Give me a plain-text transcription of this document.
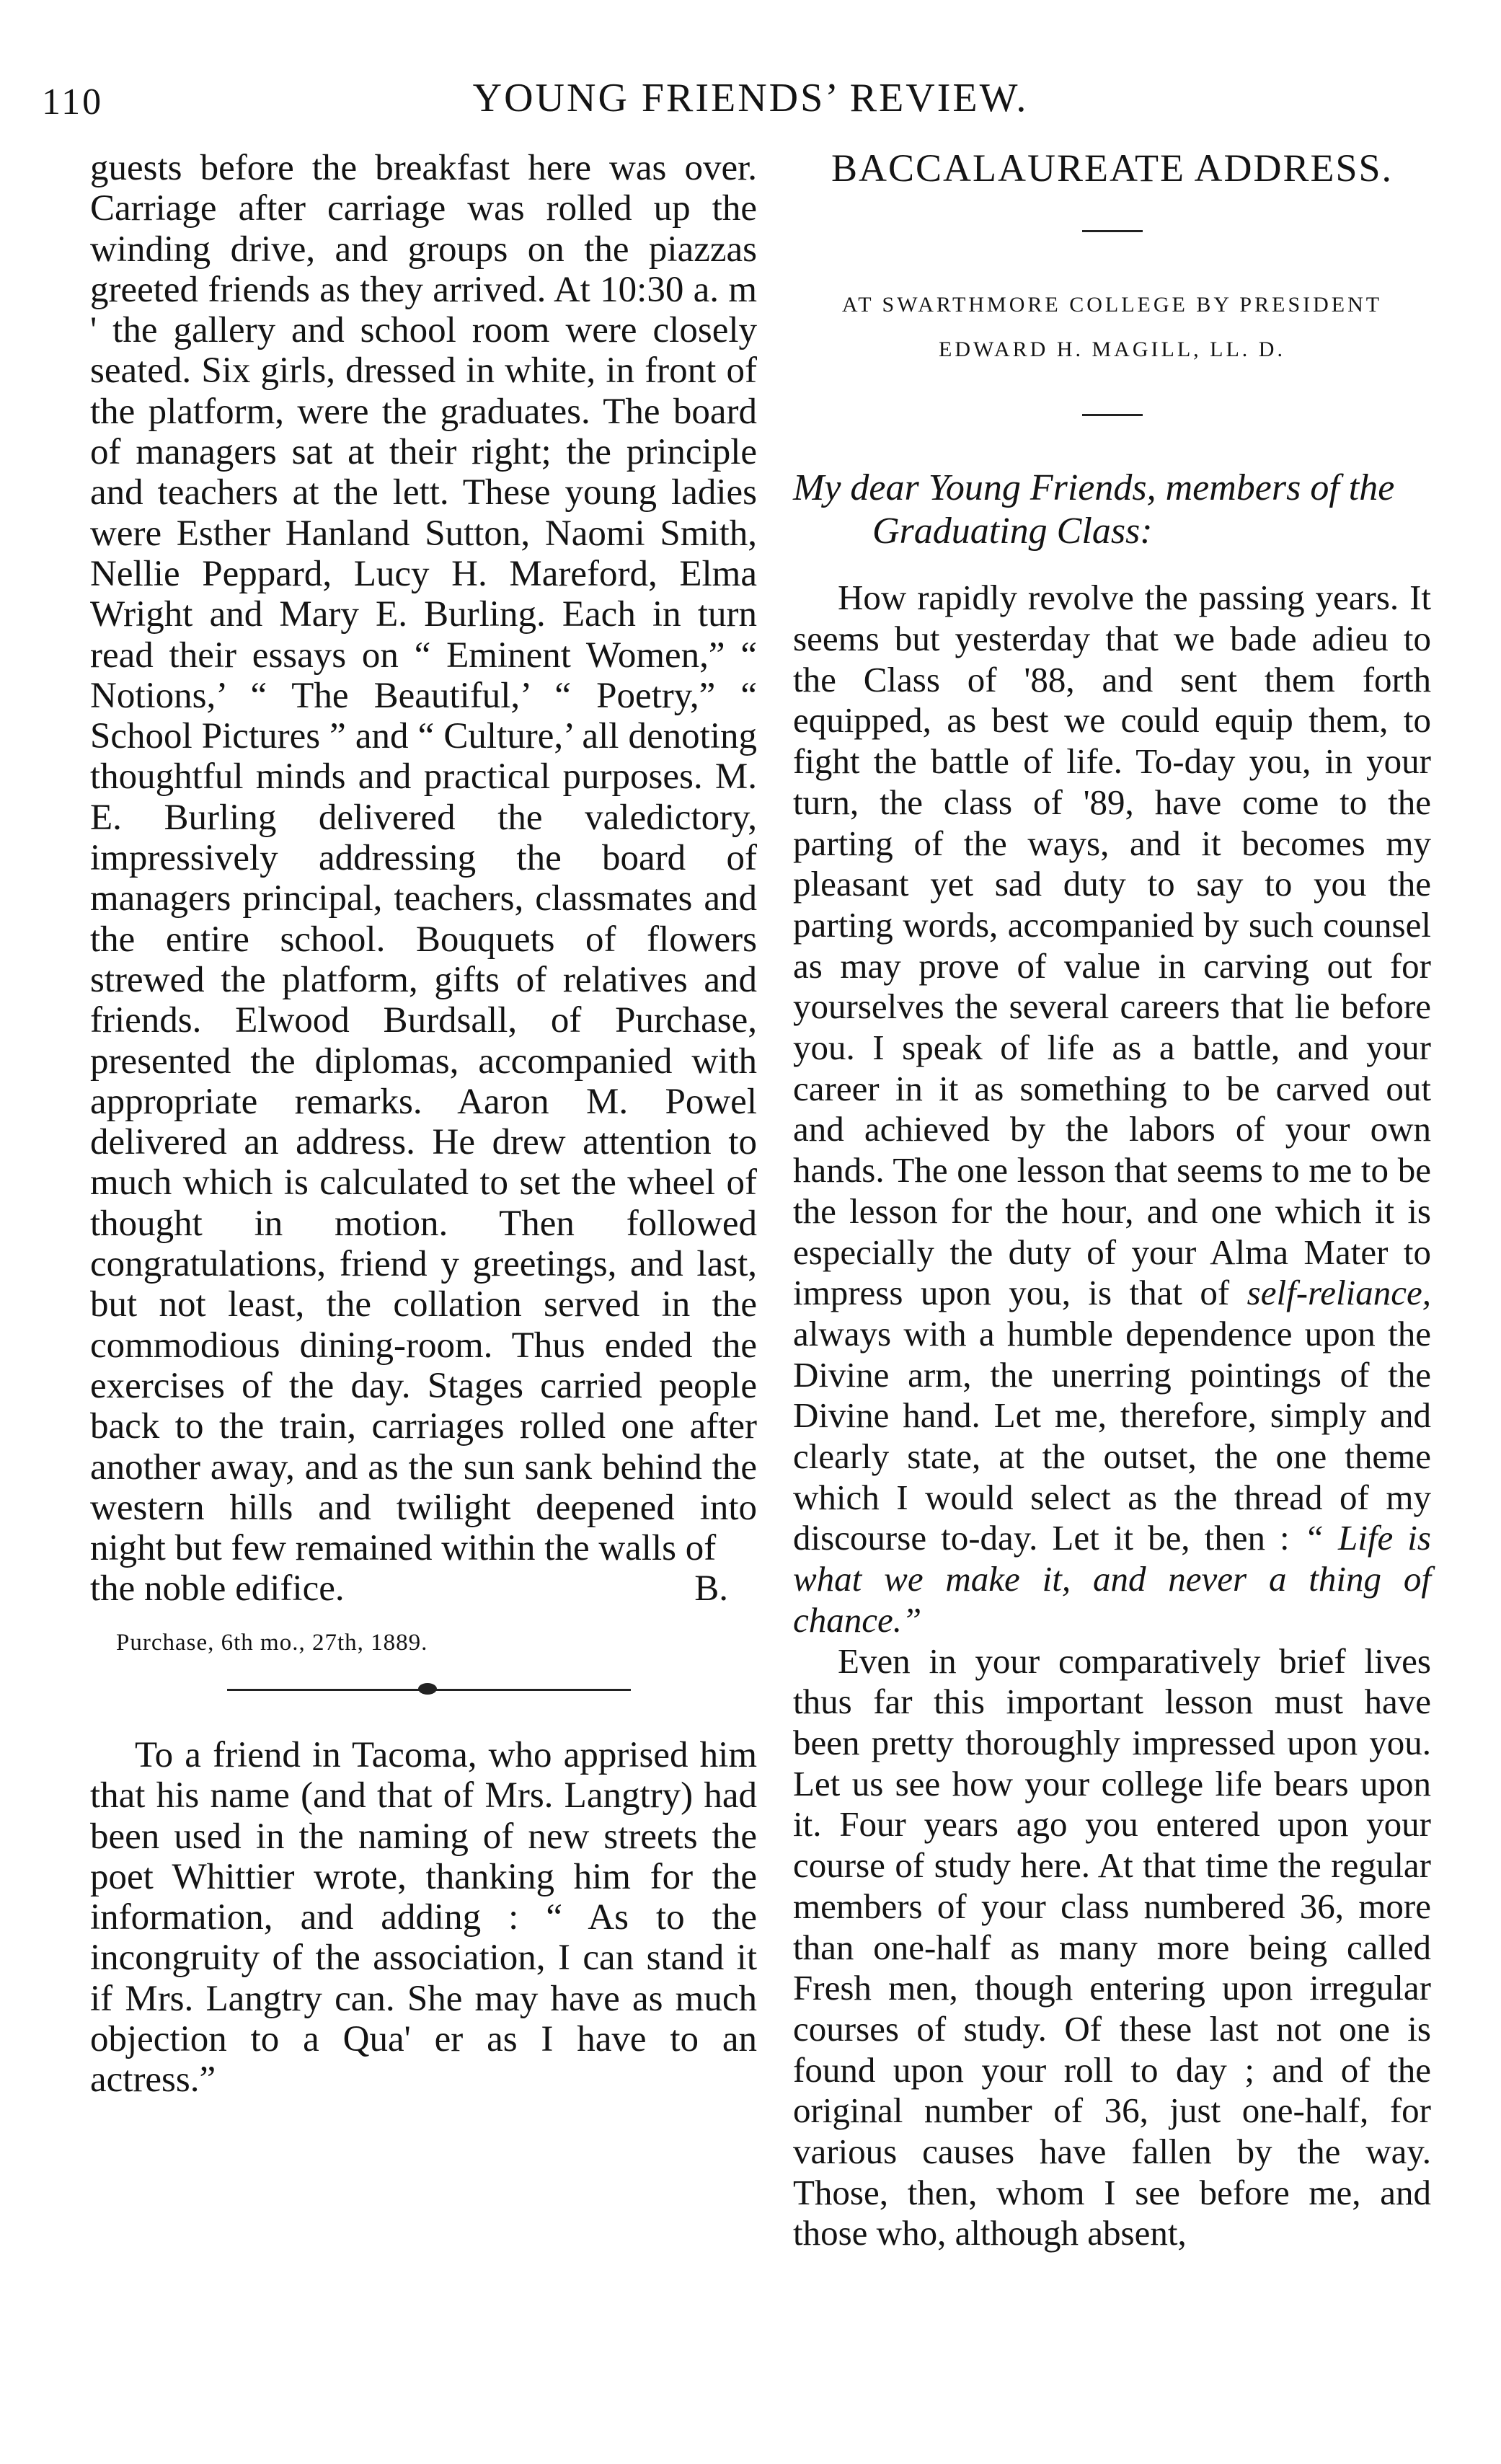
110	YOUNG FRIENDS’ REVIEW.

guests before the breakfast here was over. Carriage after carriage was rolled up the winding drive, and groups on the piazzas greeted friends as they arrived. At 10:30 a. m ' the gallery and school room were closely seated. Six girls, dressed in white, in front of the platform, were the graduates. The board of managers sat at their right; the principle and teachers at the lett. These young ladies were Esther Hanland Sutton, Naomi Smith, Nellie Peppard, Lucy H. Mareford, Elma Wright and Mary E. Burling. Each in turn read their essays on “ Eminent Women,” “ Notions,’ “ The Beautiful,’ “ Poetry,” “ School Pictures ” and “ Culture,’ all denoting thoughtful minds and practical purposes. M. E. Burling delivered the valedictory, impressively addressing the board of managers principal, teachers, classmates and the entire school. Bouquets of flowers strewed the platform, gifts of relatives and friends. Elwood Burdsall, of Purchase, presented the diplomas, accompanied with appropriate remarks. Aaron M. Powel delivered an address. He drew attention to much which is calculated to set the wheel of thought in motion. Then followed congratulations, friend y greetings, and last, but not least, the collation served in the commodious dining-room. Thus ended the exercises of the day. Stages carried people back to the train, carriages rolled one after another away, and as the sun sank behind the western hills and twilight deepened into night but few remained within the walls of

the noble edifice.	B.

Purchase, 6th mo., 27th, 1889.

To a friend in Tacoma, who apprised him that his name (and that of Mrs. Langtry) had been used in the naming of new streets the poet Whittier wrote, thanking him for the information, and adding : “ As to the incongruity of the association, I can stand it if Mrs. Langtry can. She may have as much objection to a Qua' er as I have to an actress.”

BACCALAUREATE ADDRESS.

AT SWARTHMORE COLLEGE BY PRESIDENT

EDWARD H. MAGILL, LL. D.

My dear Young Friends, members of the
Graduating Class:

How rapidly revolve the passing years. It seems but yesterday that we bade adieu to the Class of '88, and sent them forth equipped, as best we could equip them, to fight the battle of life. To-day you, in your turn, the class of '89, have come to the parting of the ways, and it becomes my pleasant yet sad duty to say to you the parting words, accompanied by such counsel as may prove of value in carving out for yourselves the several careers that lie before you. I speak of life as a battle, and your career in it as something to be carved out and achieved by the labors of your own hands. The one lesson that seems to me to be the lesson for the hour, and one which it is especially the duty of your Alma Mater to impress upon you, is that of self-reliance, always with a humble dependence upon the Divine arm, the unerring pointings of the Divine hand. Let me, therefore, simply and clearly state, at the outset, the one theme which I would select as the thread of my discourse to-day. Let it be, then : “ Life is what we make it, and never a thing of chance.”

Even in your comparatively brief lives thus far this important lesson must have been pretty thoroughly impressed upon you. Let us see how your college life bears upon it. Four years ago you entered upon your course of study here. At that time the regular members of your class numbered 36, more than one-half as many more being called Fresh men, though entering upon irregular courses of study. Of these last not one is found upon your roll to day ; and of the original number of 36, just one-half, for various causes have fallen by the way. Those, then, whom I see before me, and those who, although absent,
